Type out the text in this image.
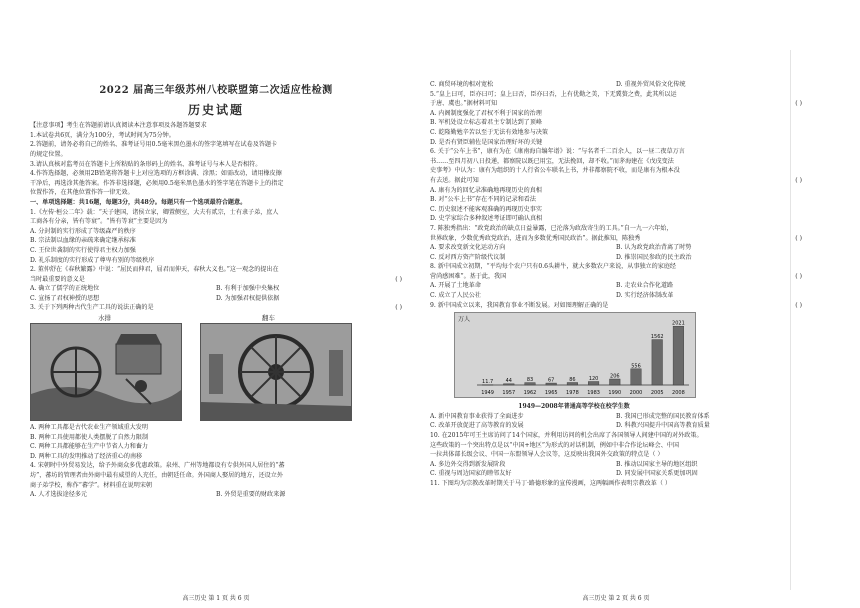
2022 届高三年级苏州八校联盟第二次适应性检测
历史试题
【注意事项】考生在答题前请认真阅读本注意事项及各题答题要求
1.本试卷共6页，满分为100分，考试时间为75分钟。
2.答题前，请务必将自己的姓名、准考证号用0.5毫米黑色墨水的签字笔填写在试卷及答题卡
的规定位置。
3.请认真核对监考员在答题卡上所粘贴的条形码上的姓名、准考证号与本人是否相符。
4.作答选择题，必须用2B铅笔将答题卡上对应选项的方框涂满、涂黑；如需改动，请用橡皮擦
干净后，再选涂其他答案。作答非选择题，必须用0.5毫米黑色墨水的签字笔在答题卡上的指定
位置作答，在其他位置作答一律无效。
一、单项选择题：共16题，每题3分，共48分。每题只有一个选项最符合题意。
1.《左传·桓公二年》载：“天子建国，诸侯立家，卿置侧室，大夫有贰宗，士有隶子弟，庶人
工商各有分亲，皆有等衰”。“皆有等衰”主要是因为
A. 分封制的实行形成了等级森严的秩序
B. 宗法制以血缘的亲疏来确定继承标准
C. 王位世袭制的实行使得君主权力加强
D. 礼乐制度的实行形成了尊卑有别的等级秩序
2. 董仲舒在《春秋繁露》中说：“屈民而伸君，屈君而伸天，春秋大义也。”这一观念的提出在
当时最重要的意义是	( )
A. 确立了儒学的正统地位	B. 有利于加强中央集权
C. 宣扬了君权神授的思想	D. 为加强君权提供依据
3. 关于下列两种古代生产工具的说法正确的是	( )
水排	翻车
A. 两种工具都是古代农业生产领域重大发明
B. 两种工具使用都使人类摆脱了自然力限制
C. 两种工具都能够在生产中节省人力和畜力
D. 两种工具的发明推动了经济重心的南移
4. 宋朝时中外贸易发达，给予外商众多优惠政策。泉州、广州等地都设有专供外国人居住的“蕃
坊”，蕃坊的管理者由外商中最有威望的人充任，由朝廷任命。外国商人娶居的地方，还设立外
商子弟学校，称作“蕃学”。材料重在说明宋朝
A. 人才选拔途径多元	B. 外贸是重要的财政来源
高三历史 第 1 页 共 6 页
C. 商贸环境的相对宽松	D. 重视外贸风俗文化传统
5.“皇上曰可，臣亦曰可；皇上曰否，臣亦曰否，上有优勤之美，下无冀赘之费，此其所以运
于唐、虞也。”据材料可知	( )
A. 内阁制度强化了君权不利于国家的治理
B. 军机处设立标志着君主专制达到了顶峰
C. 乾隆勤勉辛苦以至于无法有效地参与决策
D. 是否有贤臣辅佐是国家治理好坏的关键
6. 关于“公车上书”，康有为在《康南海自编年谱》说：“与名者千二百余人，以一昼二夜草万言
书……至四月初八日投递，都察院以既已用宝，无法挽回，却不收。”而茅海建在《戊戌变法
史事考》中认为：康有为组织的十人行省公车联名上书，并非都察院不收，而是康有为根本没
有去送。据此可知	( )
A. 康有为的回忆录准确地再现历史的真相
B. 对“公车上书”存在不同的记录和看法
C. 历史叙述不能客观准确的再现历史事实
D. 史学家综合多种叙述考证即可确认真相
7. 陈独秀指出：“政党政治的缺点日益暴露，已沦落为政敌寄生的工具。”自一九一六年始，
世界政象，少数优秀政党政治，进而为多数优秀国民政治”。据此推知，陈独秀	( )
A. 要求改变新文化运动方向	B. 认为政党政治背离了时势
C. 反对西方资产阶级代议制	D. 推崇国民参政的民主政治
8. 新中国成立初期，“平均每个农户只有0.6头耕牛，就大多数农户来说，从事独立的家庭经
营尚感困难”。基于此，我国	( )
A. 开展了土地革命	B. 走农业合作化道路
C. 成立了人民公社	D. 实行经济体制改革
9. 新中国成立以来，我国教育事业不断发展。对如图理解正确的是	( )
万人
11.7
1949
44
1957
83
1962
67
1965
86
1978
120
1983
206
1990
556
2000
1562
2005
2021
2008
1949—2008年普通高等学校在校学生数
A. 新中国教育事业获得了全面进步	B. 我国已形成完整的国民教育体系
C. 改革开放促进了高等教育的发展	D. 科教兴国提升中国高等教育质量
10. 在2015年可王主席访问了14个国家，并利用访问的机会出席了各国领导人间建中国的对外政策。
这些政策的一个突出特点是以“中国+地区”为形式的对话机制，例如中非合作论坛峰会、中国
一拉共体部长级会议、中国一东盟领导人会议等，这反映出我国外交政策的特点是（ ）
A. 多边外交得到新发展阶段	B. 推动以国家主导的地区组织
C. 重视与周边国家的睦邻友好	D. 同发展中国家关系更加巩固
11. 下图均为宗教改革时期关于马丁·路德形象的宣传漫画，这两幅画作表明宗教改革（ ）
高三历史 第 2 页 共 6 页
